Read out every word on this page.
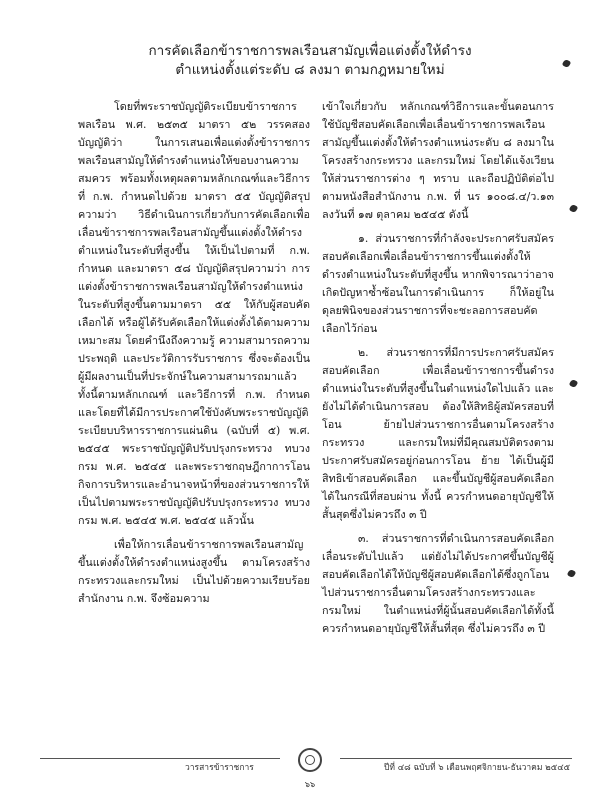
การคัดเลือกข้าราชการพลเรือนสามัญเพื่อแต่งตั้งให้ดำรง
ตำแหน่งตั้งแต่ระดับ ๘ ลงมา ตามกฎหมายใหม่

โดยที่พระราชบัญญัติระเบียบข้าราชการพลเรือน พ.ศ. ๒๕๓๕ มาตรา ๕๒ วรรคสอง บัญญัติว่า ในการเสนอเพื่อแต่งตั้งข้าราชการพลเรือนสามัญให้ดำรงตำแหน่งให้ขอบงานความสมควร พร้อมทั้งเหตุผลตามหลักเกณฑ์และวิธีการที่ ก.พ. กำหนดไปด้วย มาตรา ๕๕ บัญญัติสรุปความว่า วิธีดำเนินการเกี่ยวกับการคัดเลือกเพื่อเลื่อนข้าราชการพลเรือนสามัญขึ้นแต่งตั้งให้ดำรงตำแหน่งในระดับที่สูงขึ้น ให้เป็นไปตามที่ ก.พ. กำหนด และมาตรา ๕๘ บัญญัติสรุปความว่า การแต่งตั้งข้าราชการพลเรือนสามัญให้ดำรงตำแหน่งในระดับที่สูงขึ้นตามมาตรา ๕๕ ให้กับผู้สอบคัดเลือกได้ หรือผู้ได้รับคัดเลือกให้แต่งตั้งได้ตามความเหมาะสม โดยคำนึงถึงความรู้ ความสามารถความประพฤติ และประวัติการรับราชการ ซึ่งจะต้องเป็นผู้มีผลงานเป็นที่ประจักษ์ในความสามารถมาแล้ว ทั้งนี้ตามหลักเกณฑ์ และวิธีการที่ ก.พ. กำหนด และโดยที่ได้มีการประกาศใช้บังคับพระราชบัญญัติระเบียบบริหารราชการแผ่นดิน (ฉบับที่ ๕) พ.ศ. ๒๕๔๕ พระราชบัญญัติปรับปรุงกระทรวง ทบวง กรม พ.ศ. ๒๕๔๕ และพระราชกฤษฎีกาการโอนกิจการบริหารและอำนาจหน้าที่ของส่วนราชการให้เป็นไปตามพระราชบัญญัติปรับปรุงกระทรวง ทบวง กรม พ.ศ. ๒๕๔๕ พ.ศ. ๒๕๔๕ แล้วนั้น

เพื่อให้การเลื่อนข้าราชการพลเรือนสามัญขึ้นแต่งตั้งให้ดำรงตำแหน่งสูงขึ้น ตามโครงสร้างกระทรวงและกรมใหม่ เป็นไปด้วยความเรียบร้อย สำนักงาน ก.พ. จึงซ้อมความ

เข้าใจเกี่ยวกับ หลักเกณฑ์วิธีการและขั้นตอนการใช้บัญชีสอบคัดเลือกเพื่อเลื่อนข้าราชการพลเรือนสามัญขึ้นแต่งตั้งให้ดำรงตำแหน่งระดับ ๘ ลงมาในโครงสร้างกระทรวง และกรมใหม่ โดยได้แจ้งเวียนให้ส่วนราชการต่าง ๆ ทราบ และถือปฏิบัติต่อไป ตามหนังสือสำนักงาน ก.พ. ที่ นร ๑๐๐๘.๔/ว.๑๓ ลงวันที่ ๑๗ ตุลาคม ๒๕๔๕ ดังนี้

๑. ส่วนราชการที่กำลังจะประกาศรับสมัครสอบคัดเลือกเพื่อเลื่อนข้าราชการขึ้นแต่งตั้งให้ดำรงตำแหน่งในระดับที่สูงขึ้น หากพิจารณาว่าอาจเกิดปัญหาซ้ำซ้อนในการดำเนินการ ก็ให้อยู่ในดุลยพินิจของส่วนราชการที่จะชะลอการสอบคัดเลือกไว้ก่อน

๒. ส่วนราชการที่มีการประกาศรับสมัครสอบคัดเลือก เพื่อเลื่อนข้าราชการขึ้นดำรงตำแหน่งในระดับที่สูงขึ้นในตำแหน่งใดไปแล้ว และยังไม่ได้ดำเนินการสอบ ต้องให้สิทธิผู้สมัครสอบที่โอน ย้ายไปส่วนราชการอื่นตามโครงสร้างกระทรวง และกรมใหม่ที่มีคุณสมบัติตรงตามประกาศรับสมัครอยู่ก่อนการโอน ย้าย ได้เป็นผู้มีสิทธิเข้าสอบคัดเลือก และขึ้นบัญชีผู้สอบคัดเลือกได้ในกรณีที่สอบผ่าน ทั้งนี้ ควรกำหนดอายุบัญชีให้สั้นสุดซึ่งไม่ควรถึง ๓ ปี

๓. ส่วนราชการที่ดำเนินการสอบคัดเลือกเลื่อนระดับไปแล้ว แต่ยังไม่ได้ประกาศขึ้นบัญชีผู้สอบคัดเลือกได้ให้บัญชีผู้สอบคัดเลือกได้ซึ่งถูกโอนไปส่วนราชการอื่นตามโครงสร้างกระทรวงและกรมใหม่ ในตำแหน่งที่ผู้นั้นสอบคัดเลือกได้ทั้งนี้ ควรกำหนดอายุบัญชีให้สั้นที่สุด ซึ่งไม่ควรถึง ๓ ปี

วารสารข้าราชการ
๖๖
ปีที่ ๔๘ ฉบับที่ ๖ เดือนพฤศจิกายน-ธันวาคม ๒๕๔๕
